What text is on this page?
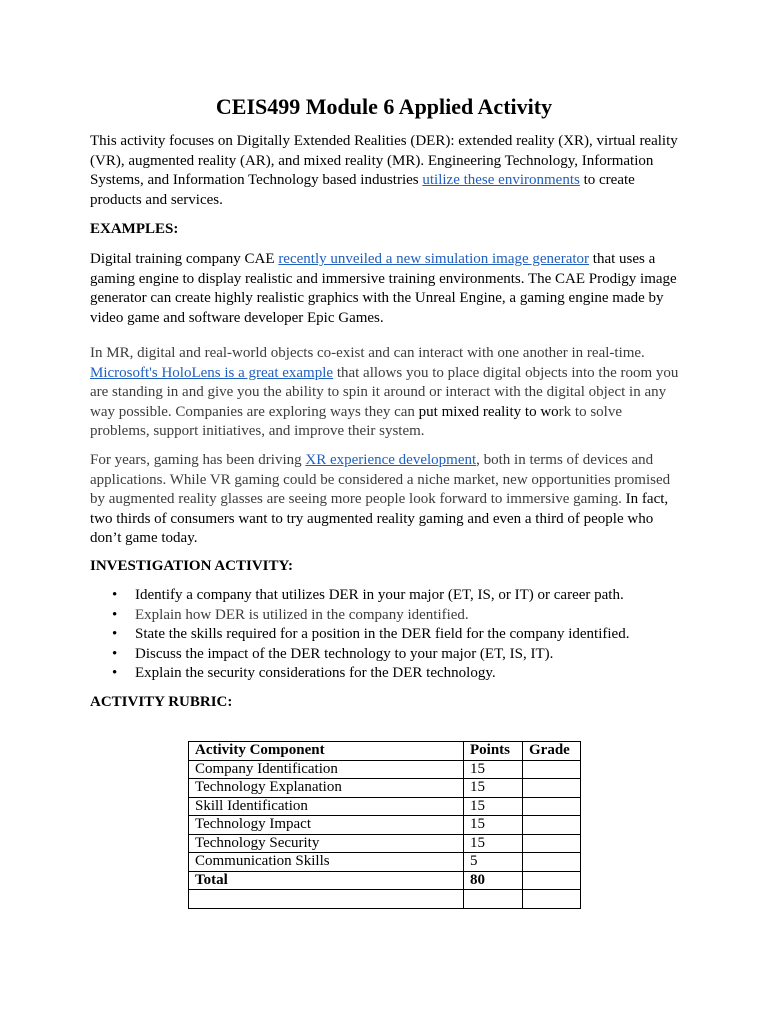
CEIS499 Module 6 Applied Activity

This activity focuses on Digitally Extended Realities (DER): extended reality (XR), virtual reality (VR), augmented reality (AR), and mixed reality (MR). Engineering Technology, Information Systems, and Information Technology based industries utilize these environments to create products and services.

EXAMPLES:

Digital training company CAE recently unveiled a new simulation image generator that uses a gaming engine to display realistic and immersive training environments. The CAE Prodigy image generator can create highly realistic graphics with the Unreal Engine, a gaming engine made by video game and software developer Epic Games.

In MR, digital and real-world objects co-exist and can interact with one another in real-time. Microsoft's HoloLens is a great example that allows you to place digital objects into the room you are standing in and give you the ability to spin it around or interact with the digital object in any way possible. Companies are exploring ways they can put mixed reality to work to solve problems, support initiatives, and improve their system.

For years, gaming has been driving XR experience development, both in terms of devices and applications. While VR gaming could be considered a niche market, new opportunities promised by augmented reality glasses are seeing more people look forward to immersive gaming. In fact, two thirds of consumers want to try augmented reality gaming and even a third of people who don’t game today.

INVESTIGATION ACTIVITY:
• Identify a company that utilizes DER in your major (ET, IS, or IT) or career path.
• Explain how DER is utilized in the company identified.
• State the skills required for a position in the DER field for the company identified.
• Discuss the impact of the DER technology to your major (ET, IS, IT).
• Explain the security considerations for the DER technology.
ACTIVITY RUBRIC:
Activity Component	Points	Grade
Company Identification	15	
Technology Explanation	15	
Skill Identification	15	
Technology Impact	15	
Technology Security	15	
Communication Skills	5	
Total	80	
